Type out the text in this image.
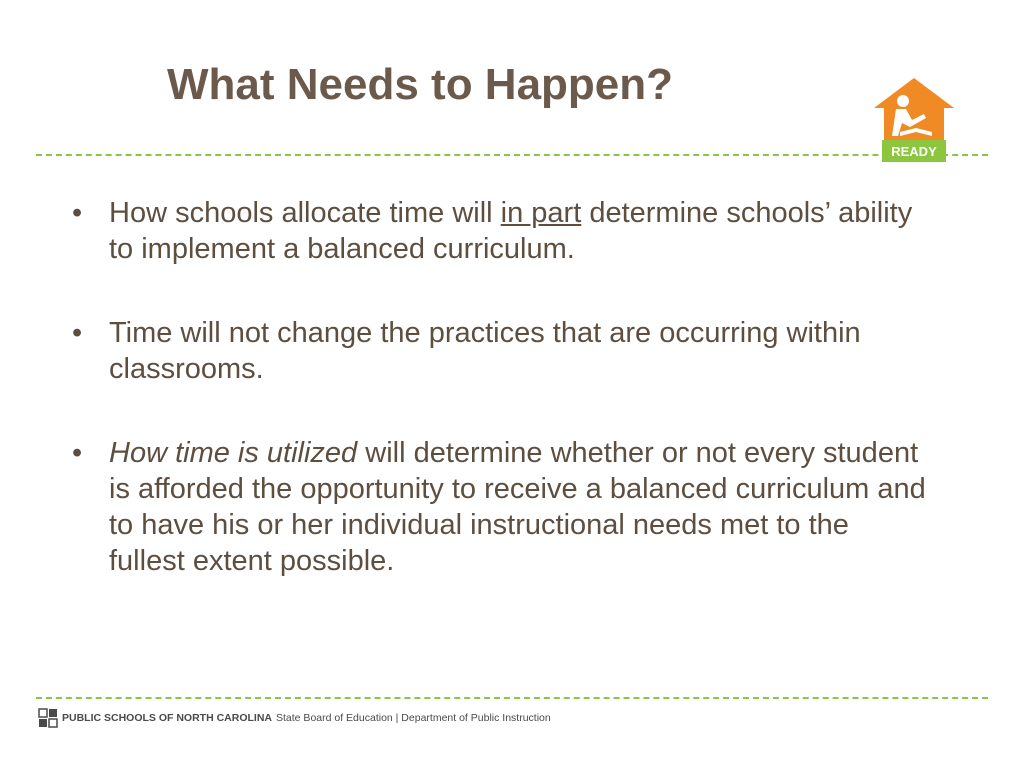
What Needs to Happen?
READY
• How schools allocate time will in part determine schools’ ability to implement a balanced curriculum.
• Time will not change the practices that are occurring within classrooms.
• How time is utilized will determine whether or not every student is afforded the opportunity to receive a balanced curriculum and to have his or her individual instructional needs met to the fullest extent possible.
PUBLIC SCHOOLS OF NORTH CAROLINA State Board of Education | Department of Public Instruction
